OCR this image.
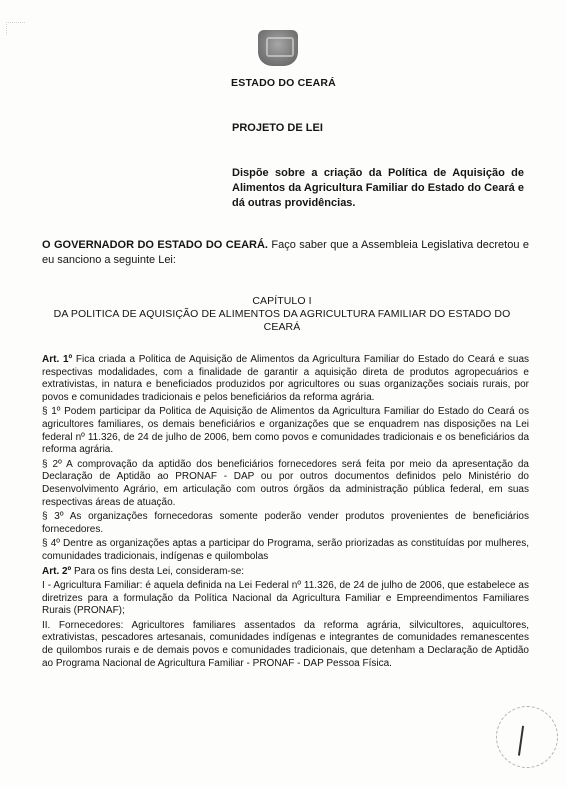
ESTADO DO CEARÁ
PROJETO DE LEI
Dispõe sobre a criação da Política de Aquisição de Alimentos da Agricultura Familiar do Estado do Ceará e dá outras providências.
O GOVERNADOR DO ESTADO DO CEARÁ. Faço saber que a Assembleia Legislativa decretou e eu sanciono a seguinte Lei:
CAPÍTULO I
DA POLITICA DE AQUISIÇÃO DE ALIMENTOS DA AGRICULTURA FAMILIAR DO ESTADO DO CEARÁ

Art. 1º Fica criada a Politica de Aquisição de Alimentos da Agricultura Familiar do Estado do Ceará e suas respectivas modalidades, com a finalidade de garantir a aquisição direta de produtos agropecuários e extrativistas, in natura e beneficiados produzidos por agricultores ou suas organizações sociais rurais, por povos e comunidades tradicionais e pelos beneficiários da reforma agrária.

§ 1º Podem participar da Politica de Aquisição de Alimentos da Agricultura Familiar do Estado do Ceará os agricultores familiares, os demais beneficiários e organizações que se enquadrem nas disposições na Lei federal nº 11.326, de 24 de julho de 2006, bem como povos e comunidades tradicionais e os beneficiários da reforma agrária.

§ 2º A comprovação da aptidão dos beneficiários fornecedores será feita por meio da apresentação da Declaração de Aptidão ao PRONAF - DAP ou por outros documentos definidos pelo Ministério do Desenvolvimento Agrário, em articulação com outros órgãos da administração pública federal, em suas respectivas áreas de atuação.

§ 3º As organizações fornecedoras somente poderão vender produtos provenientes de beneficiários fornecedores.

§ 4º Dentre as organizações aptas a participar do Programa, serão priorizadas as constituídas por mulheres, comunidades tradicionais, indígenas e quilombolas

Art. 2º Para os fins desta Lei, consideram-se:

I - Agricultura Familiar: é aquela definida na Lei Federal nº 11.326, de 24 de julho de 2006, que estabelece as diretrizes para a formulação da Política Nacional da Agricultura Familiar e Empreendimentos Familiares Rurais (PRONAF);

II. Fornecedores: Agricultores familiares assentados da reforma agrária, silvicultores, aquicultores, extrativistas, pescadores artesanais, comunidades indígenas e integrantes de comunidades remanescentes de quilombos rurais e de demais povos e comunidades tradicionais, que detenham a Declaração de Aptidão ao Programa Nacional de Agricultura Familiar - PRONAF - DAP Pessoa Física.
